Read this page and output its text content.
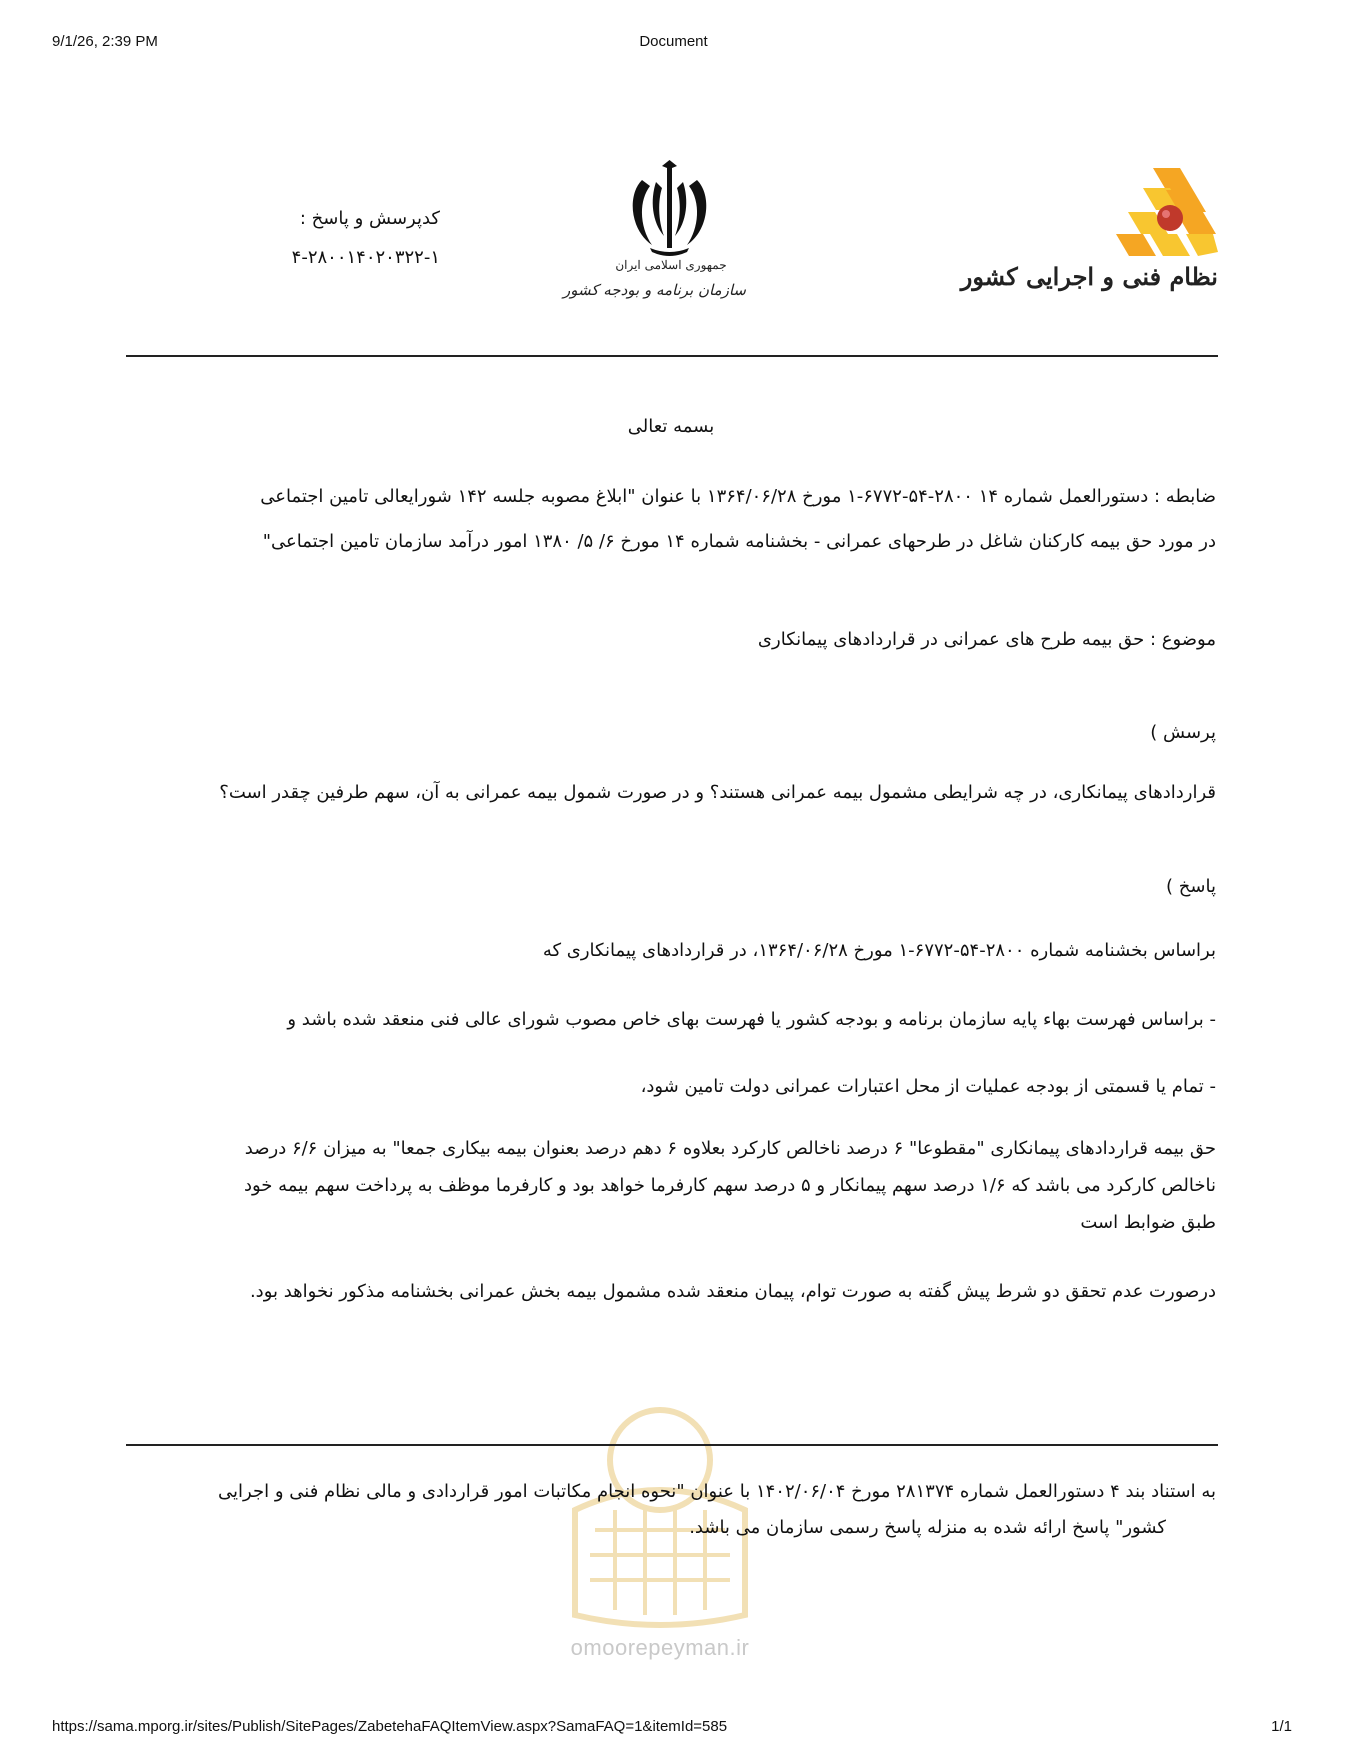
9/1/26, 2:39 PM	Document
نظام فنی و اجرایی کشور
جمهوری اسلامی ایران
سازمان برنامه و بودجه کشور
کدپرسش و پاسخ :
۴-۲۸۰۰۱۴۰۲۰۳۲۲-۱
بسمه تعالی
ضابطه : دستورالعمل شماره ۱۴ ۲۸۰۰-۵۴-۶۷۷۲-۱ مورخ ۱۳۶۴/۰۶/۲۸ با عنوان "ابلاغ مصوبه جلسه ۱۴۲ شورایعالی تامین اجتماعی
در مورد حق بیمه کارکنان شاغل در طرحهای عمرانی - بخشنامه شماره ۱۴ مورخ ۶/ ۵/ ۱۳۸۰ امور درآمد سازمان تامین اجتماعی"
موضوع : حق بیمه طرح های عمرانی در قراردادهای پیمانکاری
پرسش )
قراردادهای پیمانکاری، در چه شرایطی مشمول بیمه عمرانی هستند؟ و در صورت شمول بیمه عمرانی به آن، سهم طرفین چقدر است؟
پاسخ )
براساس بخشنامه شماره ۲۸۰۰-۵۴-۶۷۷۲-۱ مورخ ۱۳۶۴/۰۶/۲۸، در قراردادهای پیمانکاری که
- براساس فهرست بهاء پایه سازمان برنامه و بودجه کشور یا فهرست بهای خاص مصوب شورای عالی فنی منعقد شده باشد و
- تمام یا قسمتی از بودجه عملیات از محل اعتبارات عمرانی دولت تامین شود،
حق بیمه قراردادهای پیمانکاری "مقطوعا" ۶ درصد ناخالص کارکرد بعلاوه ۶ دهم درصد بعنوان بیمه بیکاری جمعا" به میزان ۶/۶ درصد
ناخالص کارکرد می باشد که ۱/۶ درصد سهم پیمانکار و ۵ درصد سهم کارفرما خواهد بود و کارفرما موظف به پرداخت سهم بیمه خود
طبق ضوابط است
درصورت عدم تحقق دو شرط پیش گفته به صورت توام، پیمان منعقد شده مشمول بیمه بخش عمرانی بخشنامه مذکور نخواهد بود.
به استناد بند ۴ دستورالعمل شماره ۲۸۱۳۷۴ مورخ ۱۴۰۲/۰۶/۰۴ با عنوان "نحوه انجام مکاتبات امور قراردادی و مالی نظام فنی و اجرایی
کشور" پاسخ ارائه شده به منزله پاسخ رسمی سازمان می باشد.
omoorepeyman.ir
https://sama.mporg.ir/sites/Publish/SitePages/ZabetehaFAQItemView.aspx?SamaFAQ=1&itemId=585	1/1
